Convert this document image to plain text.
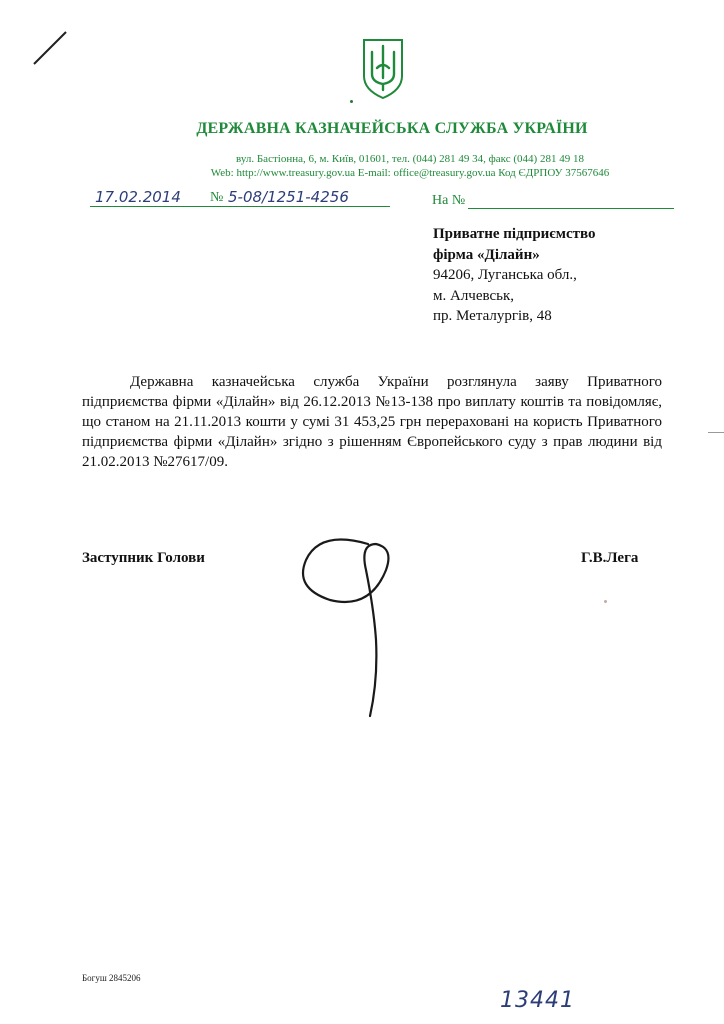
ДЕРЖАВНА КАЗНАЧЕЙСЬКА СЛУЖБА УКРАЇНИ
вул. Бастіонна, 6, м. Київ, 01601, тел. (044) 281 49 34, факс (044) 281 49 18
Web: http://www.treasury.gov.ua E-mail: office@treasury.gov.ua Код ЄДРПОУ 37567646
17.02.2014 № 5-08/1251-4256	На №
Приватне підприємство
фірма «Ділайн»
94206, Луганська обл.,
м. Алчевськ,
пр. Металургів, 48
Державна казначейська служба України розглянула заяву Приватного підприємства фірми «Ділайн» від 26.12.2013 №13-138 про виплату коштів та повідомляє, що станом на 21.11.2013 кошти у сумі 31 453,25 грн перераховані на користь Приватного підприємства фірми «Ділайн» згідно з рішенням Європейського суду з прав людини від 21.02.2013 №27617/09.
Заступник Голови	Г.В.Лега
Богуш 2845206
13441
